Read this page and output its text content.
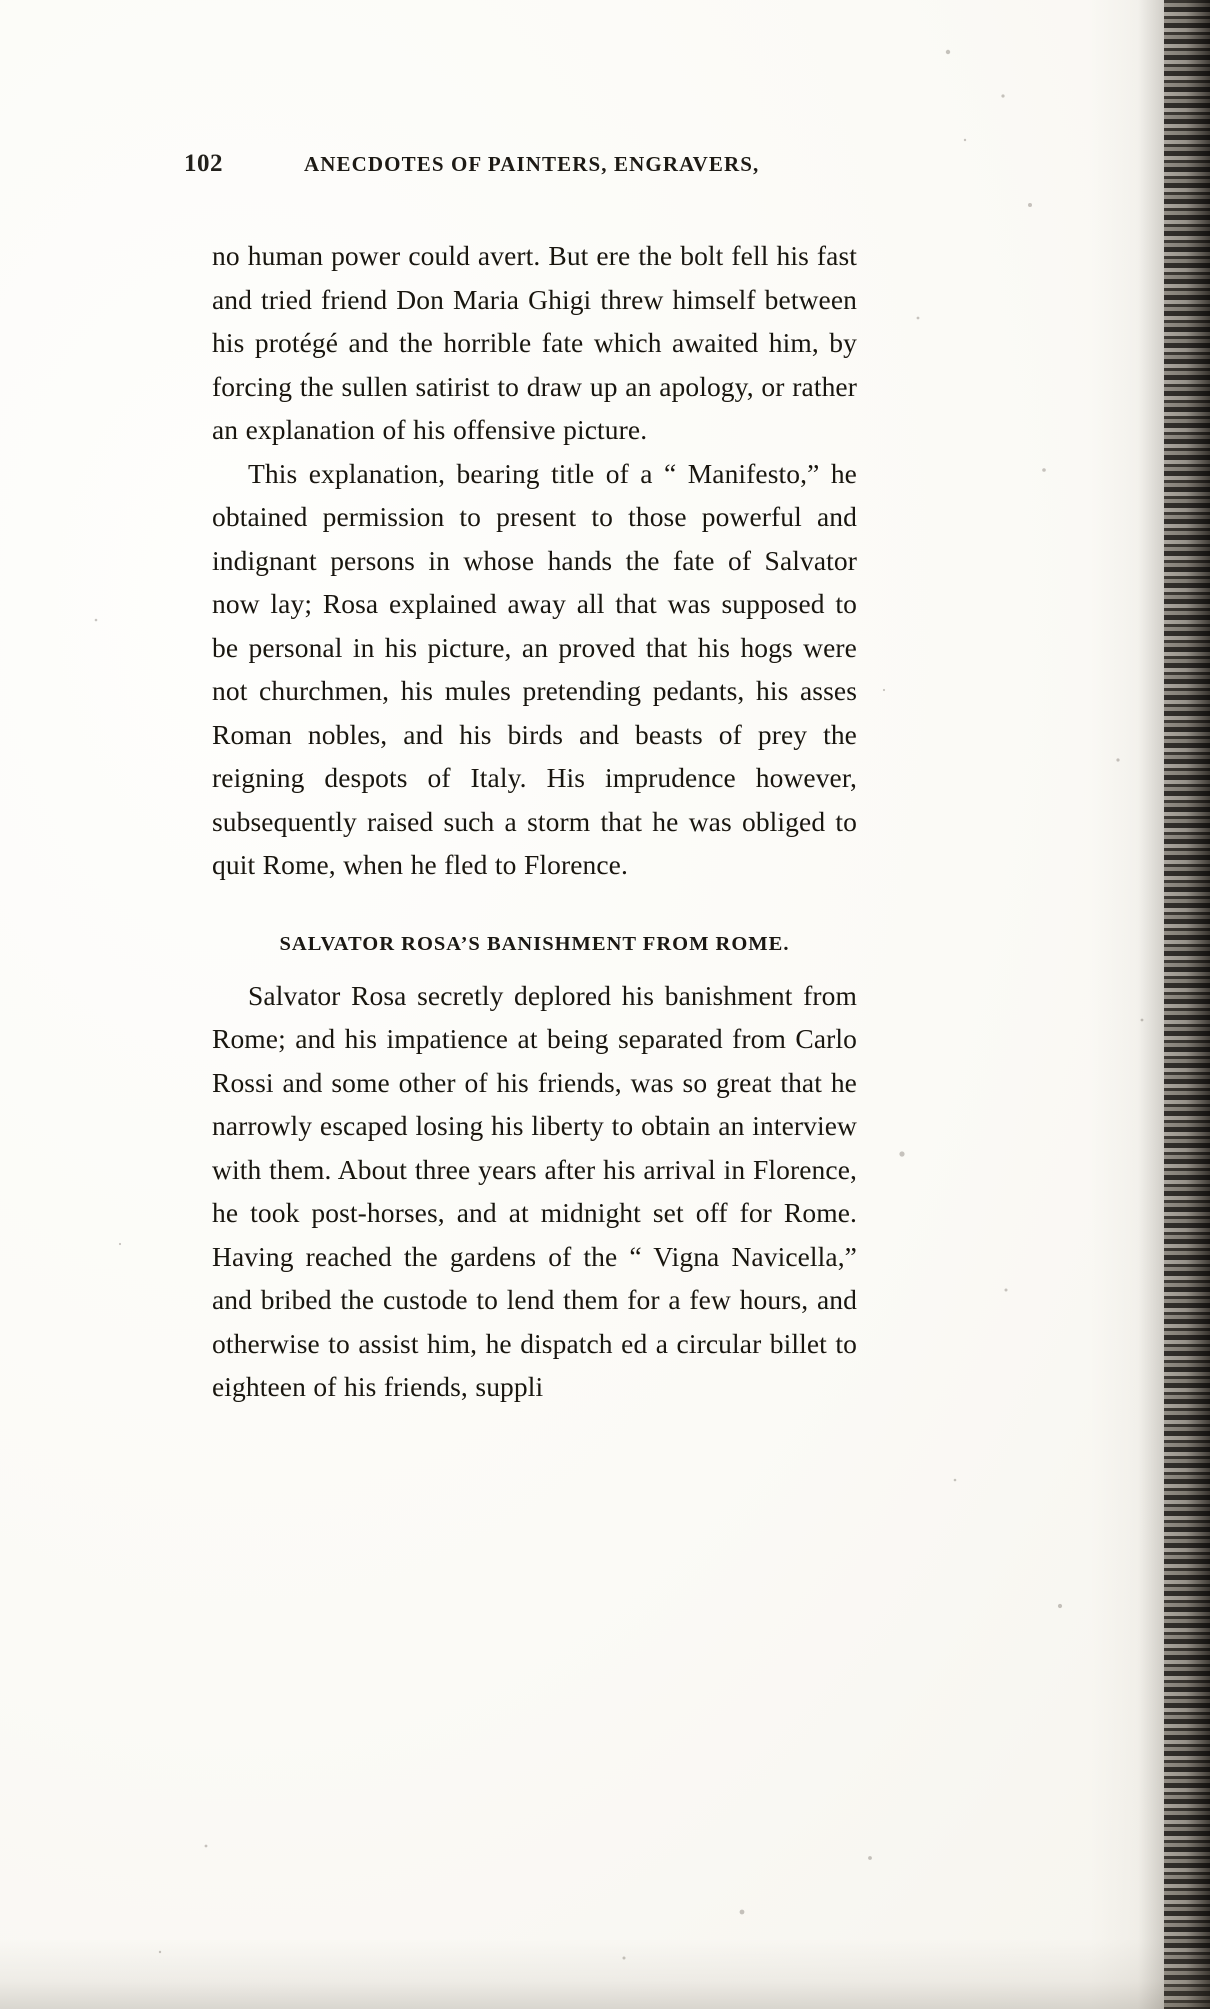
102	ANECDOTES OF PAINTERS, ENGRAVERS,

no human power could avert. But ere the bolt fell his fast and tried friend Don Maria Ghigi threw himself between his protégé and the horrible fate which awaited him, by forcing the sullen satirist to draw up an apology, or rather an explanation of his offensive picture.

This explanation, bearing title of a “ Manifesto,” he obtained permission to present to those powerful and indignant persons in whose hands the fate of Salvator now lay; Rosa explained away all that was supposed to be personal in his picture, an proved that his hogs were not churchmen, his mules pretending pedants, his asses Roman nobles, and his birds and beasts of prey the reigning despots of Italy. His imprudence however, subsequently raised such a storm that he was obliged to quit Rome, when he fled to Florence.

SALVATOR ROSA’S BANISHMENT FROM ROME.

Salvator Rosa secretly deplored his banishment from Rome; and his impatience at being separated from Carlo Rossi and some other of his friends, was so great that he narrowly escaped losing his liberty to obtain an interview with them. About three years after his arrival in Florence, he took post-horses, and at midnight set off for Rome. Having reached the gardens of the “ Vigna Navicella,” and bribed the custode to lend them for a few hours, and otherwise to assist him, he dispatch ed a circular billet to eighteen of his friends, suppli
